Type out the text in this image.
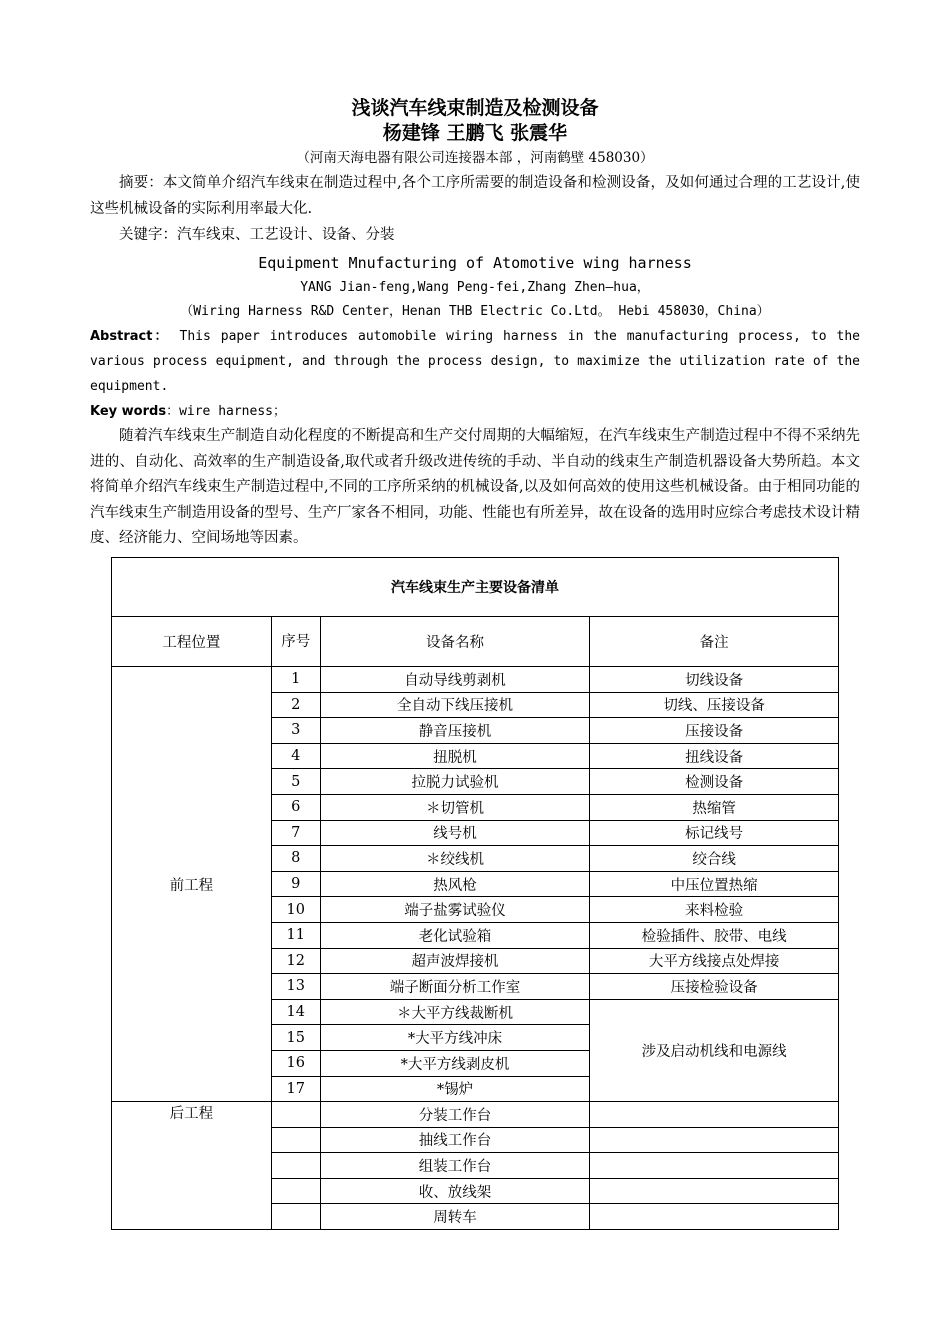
浅谈汽车线束制造及检测设备

杨建锋 王鹏飞 张震华

（河南天海电器有限公司连接器本部 ，河南鹤壁 458030）

摘要：本文简单介绍汽车线束在制造过程中,各个工序所需要的制造设备和检测设备，及如何通过合理的工艺设计,使这些机械设备的实际利用率最大化.

关键字：汽车线束、工艺设计、设备、分装

Equipment Mnufacturing of Atomotive wing harness

YANG Jian-feng,Wang Peng-fei,Zhang Zhen—hua，

（Wiring Harness R&D Center，Henan THB Electric Co.Ltd。 Hebi 458030，China）

Abstract： This paper introduces automobile wiring harness in the manufacturing process, to the various process equipment, and through the process design, to maximize the utilization rate of the equipment.

Key words：wire harness；

随着汽车线束生产制造自动化程度的不断提高和生产交付周期的大幅缩短，在汽车线束生产制造过程中不得不采纳先进的、自动化、高效率的生产制造设备,取代或者升级改进传统的手动、半自动的线束生产制造机器设备大势所趋。本文将简单介绍汽车线束生产制造过程中,不同的工序所采纳的机械设备,以及如何高效的使用这些机械设备。由于相同功能的汽车线束生产制造用设备的型号、生产厂家各不相同，功能、性能也有所差异，故在设备的选用时应综合考虑技术设计精度、经济能力、空间场地等因素。

汽车线束生产主要设备清单			
工程位置	序号	设备名称	备注
前工程	1	自动导线剪剥机	切线设备
	2	全自动下线压接机	切线、压接设备
	3	静音压接机	压接设备
	4	扭脱机	扭线设备
	5	拉脱力试验机	检测设备
	6	＊切管机	热缩管
	7	线号机	标记线号
	8	＊绞线机	绞合线
	9	热风枪	中压位置热缩
	10	端子盐雾试验仪	来料检验
	11	老化试验箱	检验插件、胶带、电线
	12	超声波焊接机	大平方线接点处焊接
	13	端子断面分析工作室	压接检验设备
	14	＊大平方线裁断机	涉及启动机线和电源线
	15	*大平方线冲床	
	16	*大平方线剥皮机	
	17	*锡炉	
后工程		分装工作台	
		抽线工作台	
		组装工作台	
		收、放线架	
		周转车	
